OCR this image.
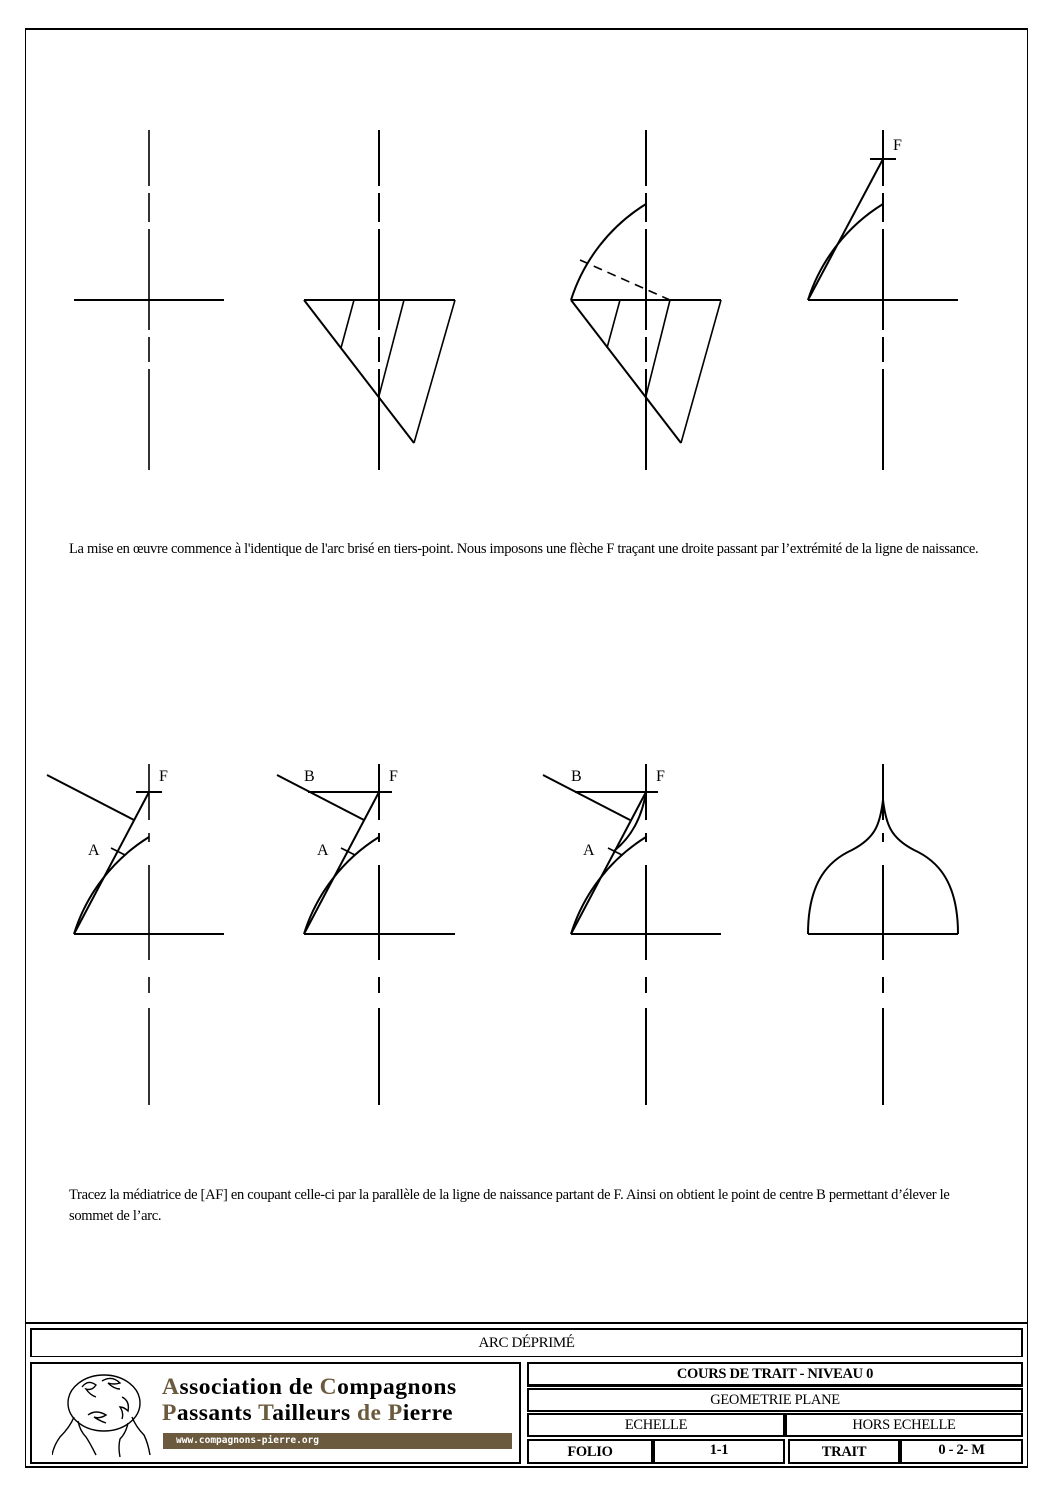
F
F
A
B	F
A
B	F
A
La mise en œuvre commence à l'identique de l'arc brisé en tiers-point. Nous imposons une flèche F traçant une droite passant par l’extrémité de la ligne de naissance.
Tracez la médiatrice de [AF] en coupant celle-ci par la parallèle de la ligne de naissance partant de F. Ainsi on obtient le point de centre B permettant d’élever le sommet de l’arc.
ARC DÉPRIMÉ
Association de Compagnons
Passants Tailleurs de Pierre
www.compagnons-pierre.org
COURS DE TRAIT - NIVEAU 0
GEOMETRIE PLANE
ECHELLE	HORS ECHELLE
FOLIO	1-1	TRAIT	0 - 2- M
